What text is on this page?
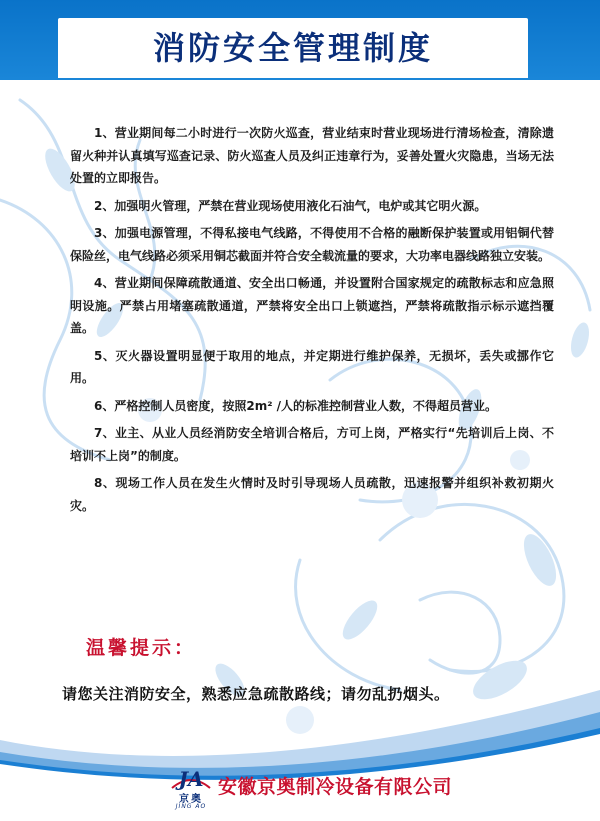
消防安全管理制度

1、营业期间每二小时进行一次防火巡查，营业结束时营业现场进行清场检查，清除遗留火种并认真填写巡查记录、防火巡查人员及纠正违章行为，妥善处置火灾隐患，当场无法处置的立即报告。

2、加强明火管理，严禁在营业现场使用液化石油气，电炉或其它明火源。

3、加强电源管理，不得私接电气线路，不得使用不合格的融断保护装置或用铝铜代替保险丝，电气线路必须采用铜芯截面并符合安全载流量的要求，大功率电器线路独立安装。

4、营业期间保障疏散通道、安全出口畅通，并设置附合国家规定的疏散标志和应急照明设施。严禁占用堵塞疏散通道，严禁将安全出口上锁遮挡，严禁将疏散指示标示遮挡覆盖。

5、灭火器设置明显便于取用的地点，并定期进行维护保养，无损坏，丢失或挪作它用。

6、严格控制人员密度，按照2m² /人的标准控制营业人数，不得超员营业。

7、业主、从业人员经消防安全培训合格后，方可上岗，严格实行“先培训后上岗、不培训不上岗”的制度。

8、现场工作人员在发生火情时及时引导现场人员疏散，迅速报警并组织补救初期火灾。

温馨提示：
请您关注消防安全，熟悉应急疏散路线；请勿乱扔烟头。
JA
京奥
JING AO
安徽京奥制冷设备有限公司
